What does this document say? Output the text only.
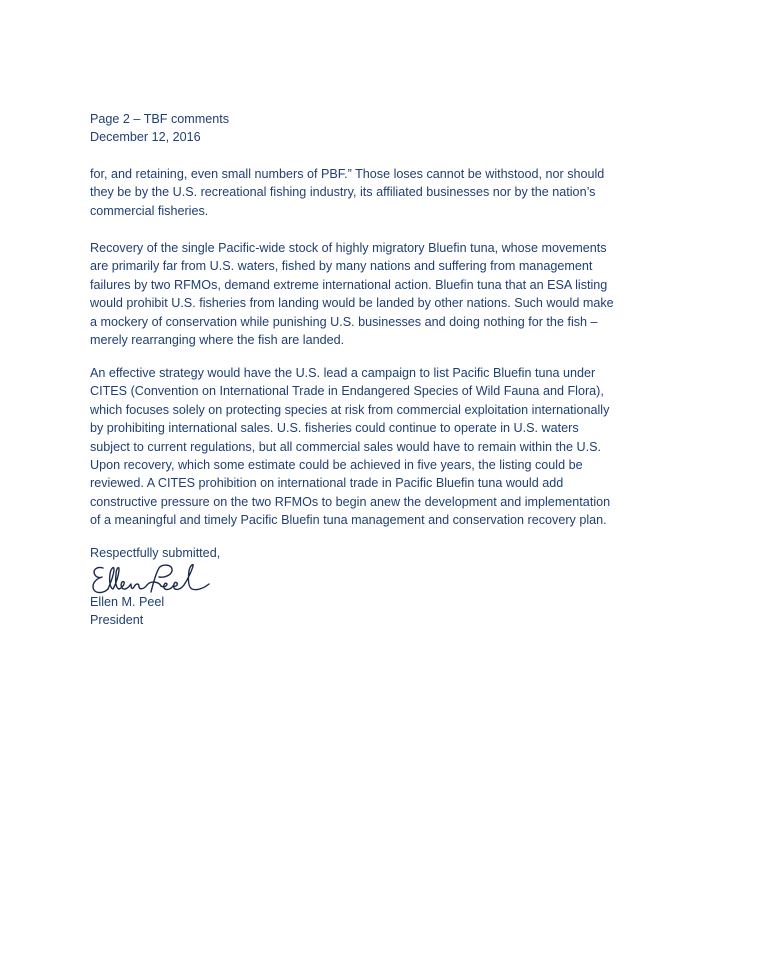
Page 2 – TBF comments
December 12, 2016
for, and retaining, even small numbers of PBF.” Those loses cannot be withstood, nor should
they be by the U.S. recreational fishing industry, its affiliated businesses nor by the nation’s
commercial fisheries.
Recovery of the single Pacific-wide stock of highly migratory Bluefin tuna, whose movements
are primarily far from U.S. waters, fished by many nations and suffering from management
failures by two RFMOs, demand extreme international action. Bluefin tuna that an ESA listing
would prohibit U.S. fisheries from landing would be landed by other nations. Such would make
a mockery of conservation while punishing U.S. businesses and doing nothing for the fish –
merely rearranging where the fish are landed.
An effective strategy would have the U.S. lead a campaign to list Pacific Bluefin tuna under
CITES (Convention on International Trade in Endangered Species of Wild Fauna and Flora),
which focuses solely on protecting species at risk from commercial exploitation internationally
by prohibiting international sales. U.S. fisheries could continue to operate in U.S. waters
subject to current regulations, but all commercial sales would have to remain within the U.S.
Upon recovery, which some estimate could be achieved in five years, the listing could be
reviewed. A CITES prohibition on international trade in Pacific Bluefin tuna would add
constructive pressure on the two RFMOs to begin anew the development and implementation
of a meaningful and timely Pacific Bluefin tuna management and conservation recovery plan.
Respectfully submitted,
Ellen M. Peel
President
